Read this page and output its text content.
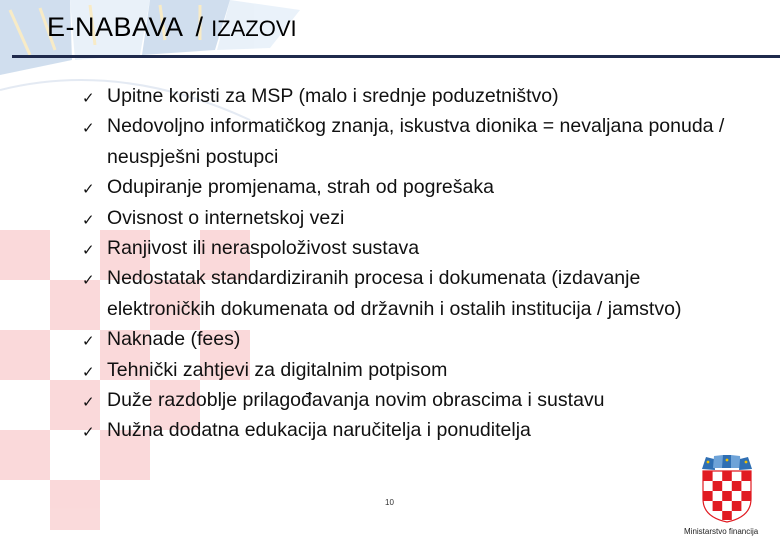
E-NABAVA / IZAZOVI
✓ Upitne koristi za MSP (malo i srednje poduzetništvo)
✓ Nedovoljno informatičkog znanja, iskustva dionika = nevaljana ponuda / neuspješni postupci
✓ Odupiranje promjenama, strah od pogrešaka
✓ Ovisnost o internetskoj vezi
✓ Ranjivost ili neraspoloživost sustava
✓ Nedostatak standardiziranih procesa i dokumenata (izdavanje elektroničkih dokumenata od državnih i ostalih institucija / jamstvo)
✓ Naknade (fees)
✓ Tehnički zahtjevi za digitalnim potpisom
✓ Duže razdoblje prilagođavanja novim obrascima i sustavu
✓ Nužna dodatna edukacija naručitelja i ponuditelja
10
Ministarstvo financija
